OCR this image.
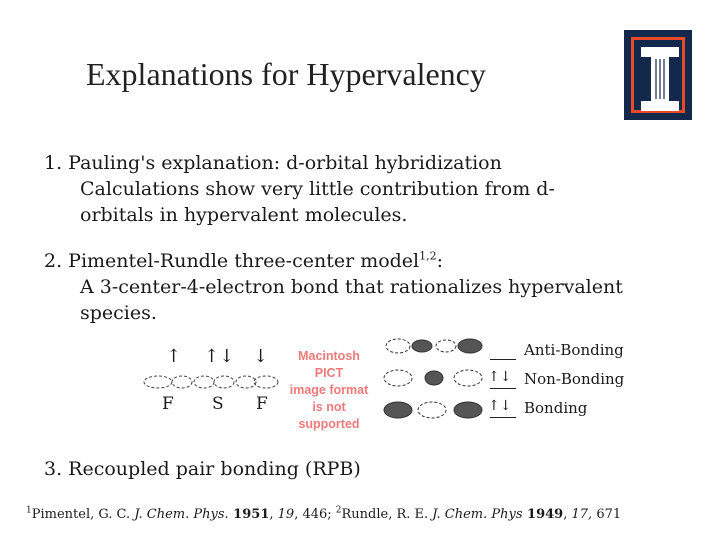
Explanations for Hypervalency
1. Pauling's explanation: d-orbital hybridization
Calculations show very little contribution from d-
orbitals in hypervalent molecules.
2. Pimentel-Rundle three-center model$^{1,2}$:
A 3-center-4-electron bond that rationalizes hypervalent
species.
↑ ↑↓ ↓
F S F
Macintosh PICT
image format
is not supported
Anti-Bonding
↑↓ Non-Bonding
↑↓ Bonding
3. Recoupled pair bonding (RPB)
$^1$Pimentel, G. C. J. Chem. Phys. 1951, 19, 446; $^2$Rundle, R. E. J. Chem. Phys 1949, 17, 671
